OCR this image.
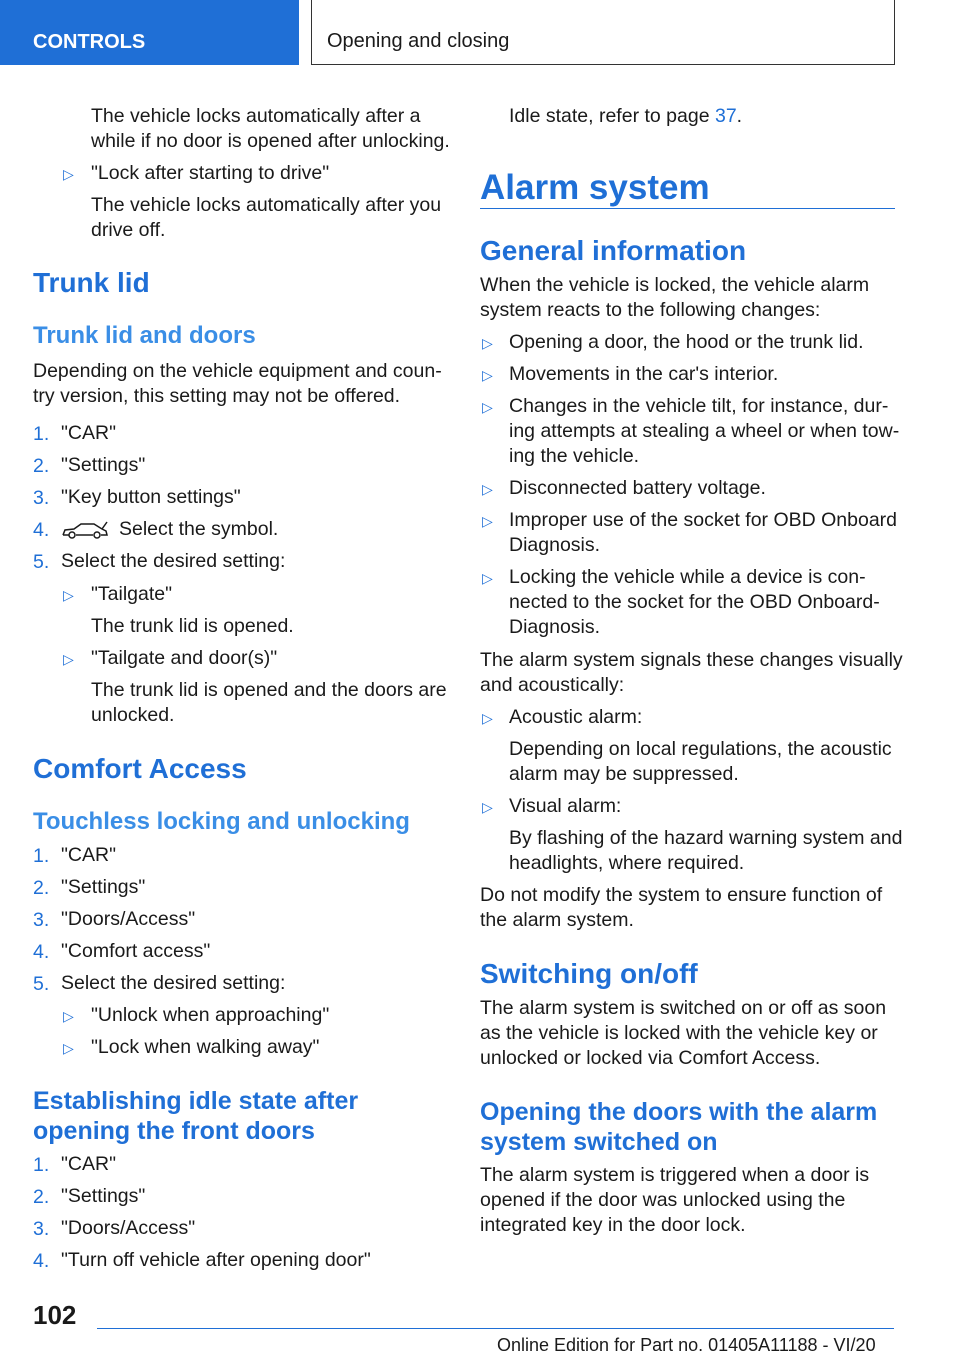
CONTROLS	Opening and closing
The vehicle locks automatically after a
while if no door is opened after unlocking.
▷ "Lock after starting to drive"
The vehicle locks automatically after you
drive off.
Trunk lid
Trunk lid and doors
Depending on the vehicle equipment and coun-
try version, this setting may not be offered.
1. "CAR"
2. "Settings"
3. "Key button settings"
4.	Select the symbol.
5. Select the desired setting:
▷ "Tailgate"
The trunk lid is opened.
▷ "Tailgate and door(s)"
The trunk lid is opened and the doors are
unlocked.
Comfort Access
Touchless locking and unlocking
1. "CAR"
2. "Settings"
3. "Doors/Access"
4. "Comfort access"
5. Select the desired setting:
▷ "Unlock when approaching"
▷ "Lock when walking away"
Establishing idle state after
opening the front doors
1. "CAR"
2. "Settings"
3. "Doors/Access"
4. "Turn off vehicle after opening door"
Idle state, refer to page 37.
Alarm system
General information
When the vehicle is locked, the vehicle alarm
system reacts to the following changes:
▷ Opening a door, the hood or the trunk lid.
▷ Movements in the car's interior.
▷ Changes in the vehicle tilt, for instance, dur-
ing attempts at stealing a wheel or when tow-
ing the vehicle.
▷ Disconnected battery voltage.
▷ Improper use of the socket for OBD Onboard
Diagnosis.
▷ Locking the vehicle while a device is con-
nected to the socket for the OBD Onboard-
Diagnosis.
The alarm system signals these changes visually
and acoustically:
▷ Acoustic alarm:
Depending on local regulations, the acoustic
alarm may be suppressed.
▷ Visual alarm:
By flashing of the hazard warning system and
headlights, where required.
Do not modify the system to ensure function of
the alarm system.
Switching on/off
The alarm system is switched on or off as soon
as the vehicle is locked with the vehicle key or
unlocked or locked via Comfort Access.
Opening the doors with the alarm
system switched on
The alarm system is triggered when a door is
opened if the door was unlocked using the
integrated key in the door lock.
102
Online Edition for Part no. 01405A11188 - VI/20
